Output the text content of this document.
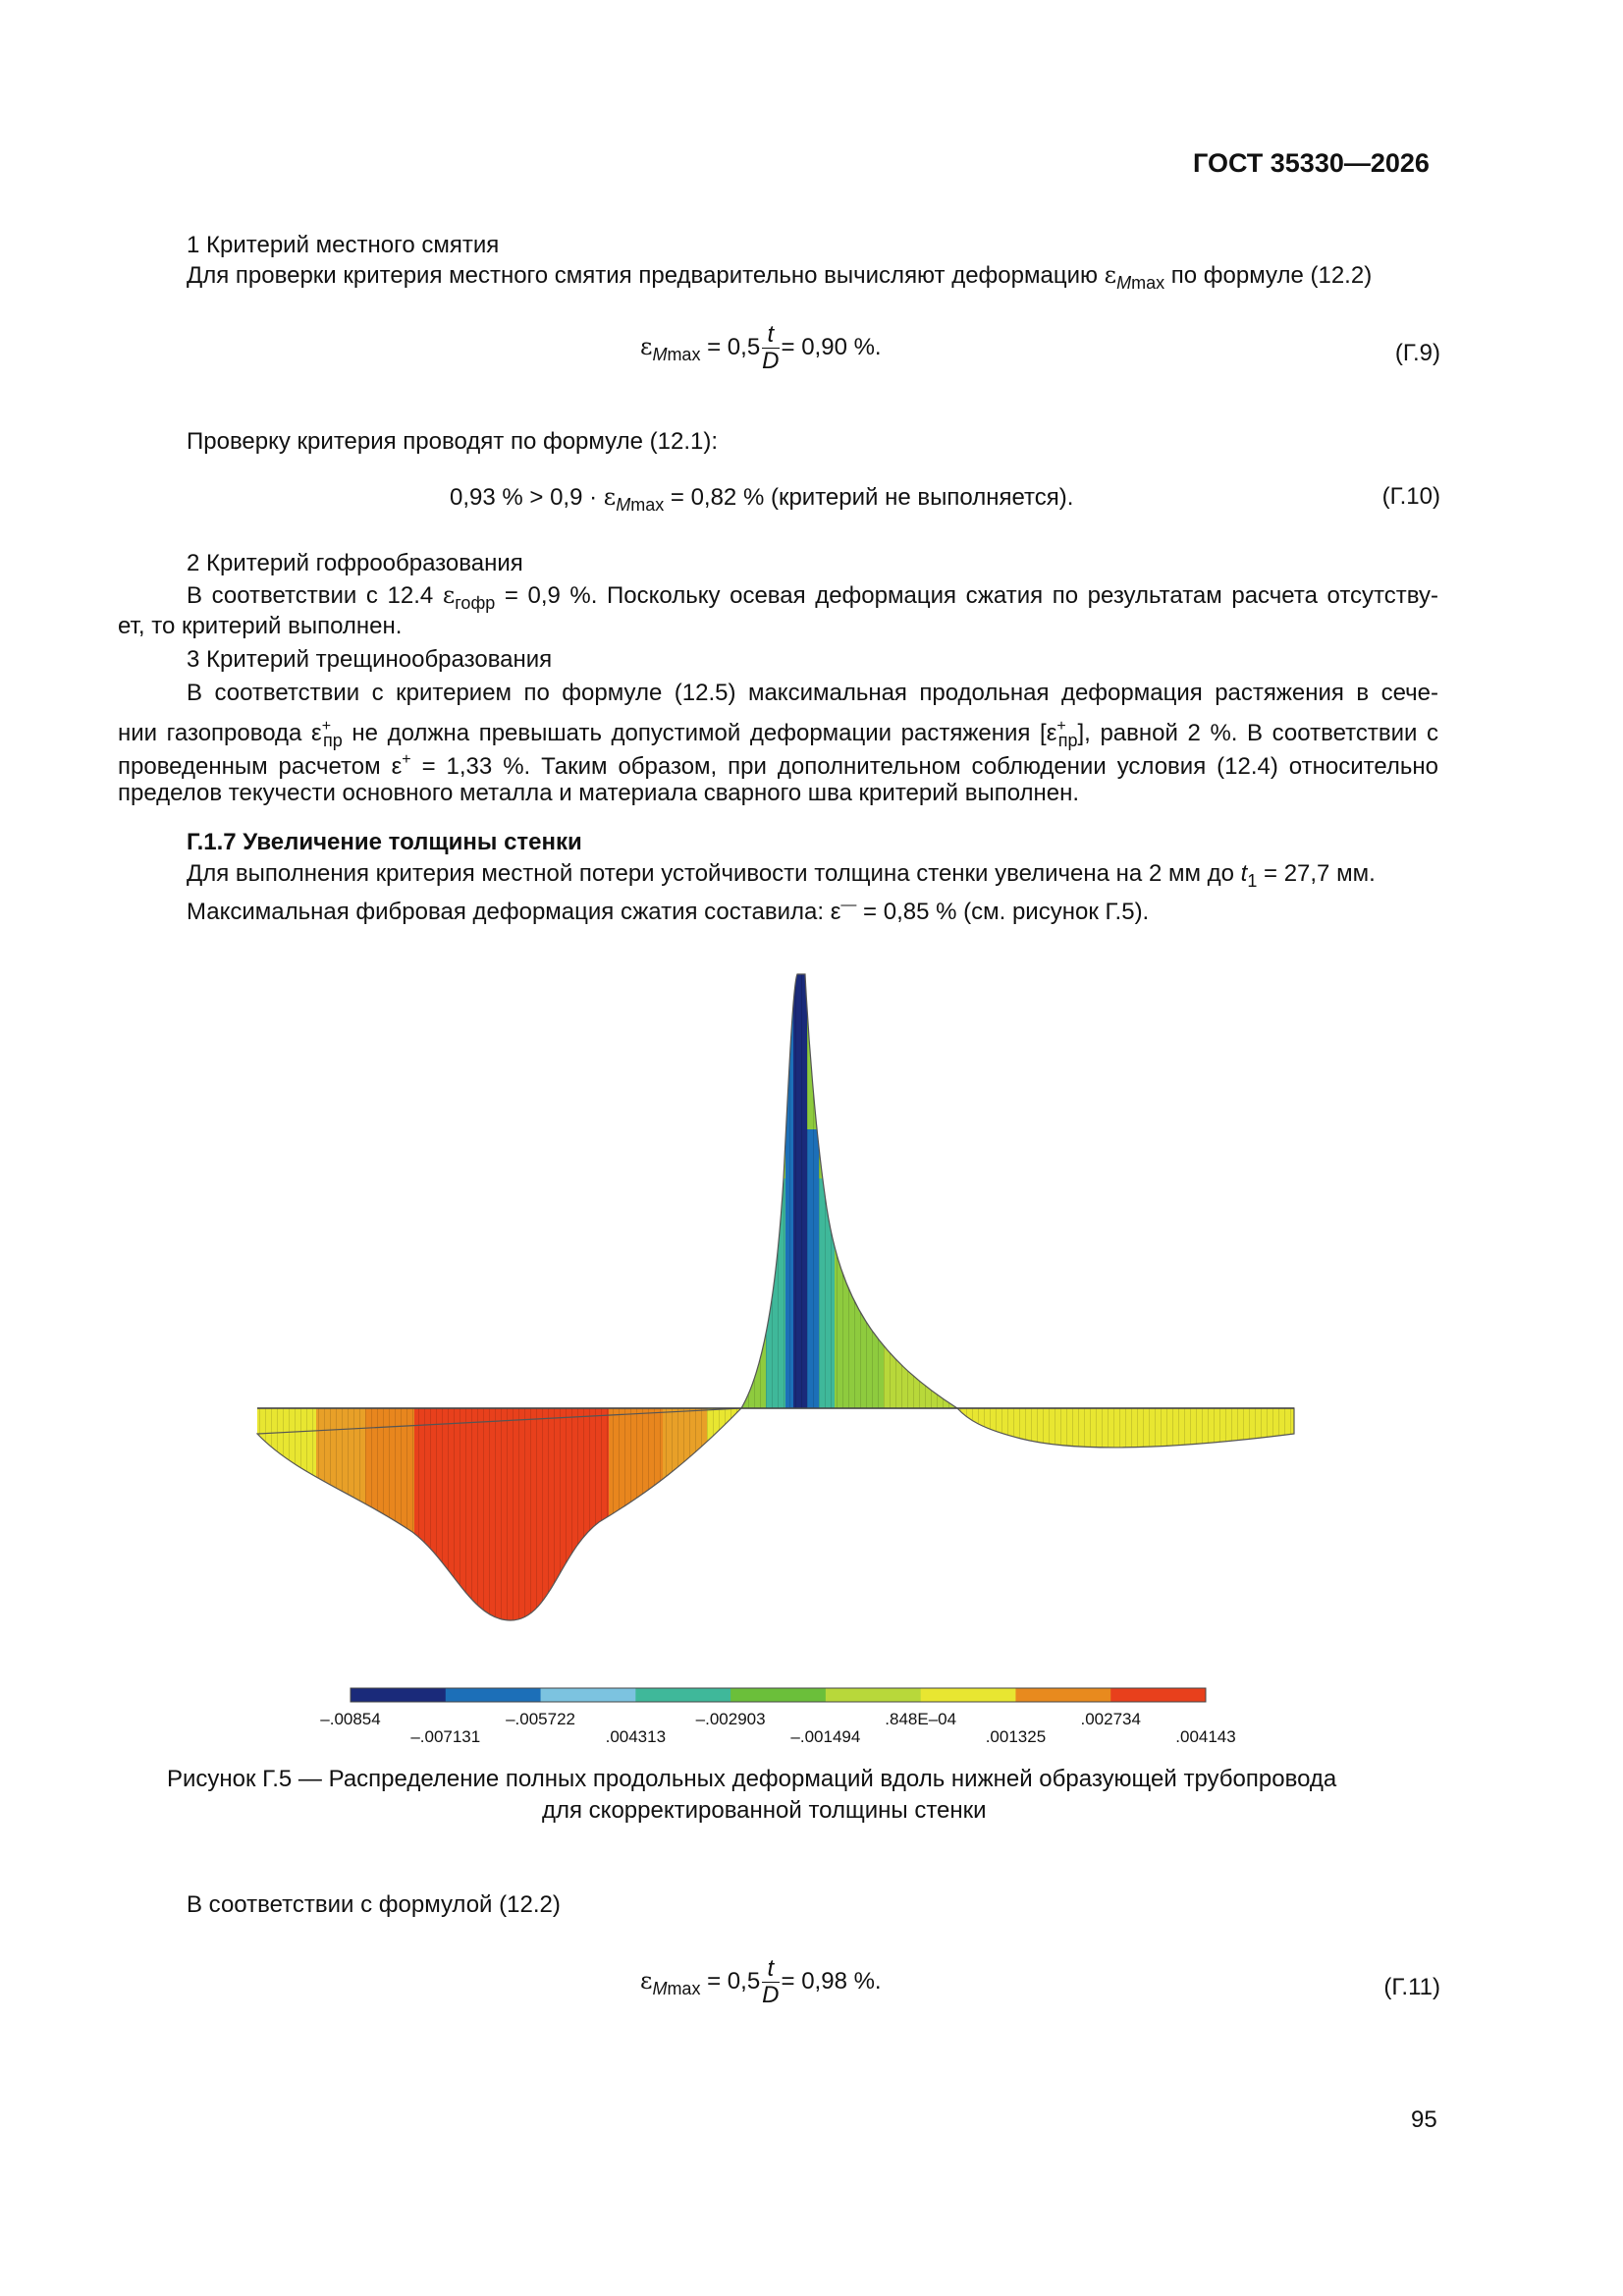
ГОСТ 35330—2026
1 Критерий местного смятия
Для проверки критерия местного смятия предварительно вычисляют деформацию $\varepsilon_{Mmax}$ по формуле (12.2)
$\varepsilon_{Mmax} = 0,5 \frac{t}{D} = 0,90$ %.	(Г.9)
Проверку критерия проводят по формуле (12.1):
0,93 % > $0,9 \cdot \varepsilon_{Mmax} = 0,82$ % (критерий не выполняется).	(Г.10)
2 Критерий гофрообразования
В соответствии с 12.4 $\varepsilon_{гофр} = 0,9$ %. Поскольку осевая деформация сжатия по результатам расчета отсутству-
ет, то критерий выполнен.
3 Критерий трещинообразования
В соответствии с критерием по формуле (12.5) максимальная продольная деформация растяжения в сече-
нии газопровода $\varepsilon^+_{пр}$ не должна превышать допустимой деформации растяжения $[\varepsilon^+_{пр}]$, равной 2 %. В соответствии с
проведенным расчетом ε+ = 1,33 %. Таким образом, при дополнительном соблюдении условия (12.4) относительно
пределов текучести основного металла и материала сварного шва критерий выполнен.
Г.1.7 Увеличение толщины стенки
Для выполнения критерия местной потери устойчивости толщина стенки увеличена на 2 мм до $t_1 = 27,7$ мм.
Максимальная фибровая деформация сжатия составила: ε— = 0,85 % (см. рисунок Г.5).
–.00854
–.007131
–.005722
.004313
–.002903
–.001494
.848E–04
.001325
.002734
.004143
Рисунок Г.5 — Распределение полных продольных деформаций вдоль нижней образующей трубопровода
для скорректированной толщины стенки
В соответствии с формулой (12.2)
$\varepsilon_{Mmax} = 0,5 \frac{t}{D} = 0,98$ %.	(Г.11)
95
